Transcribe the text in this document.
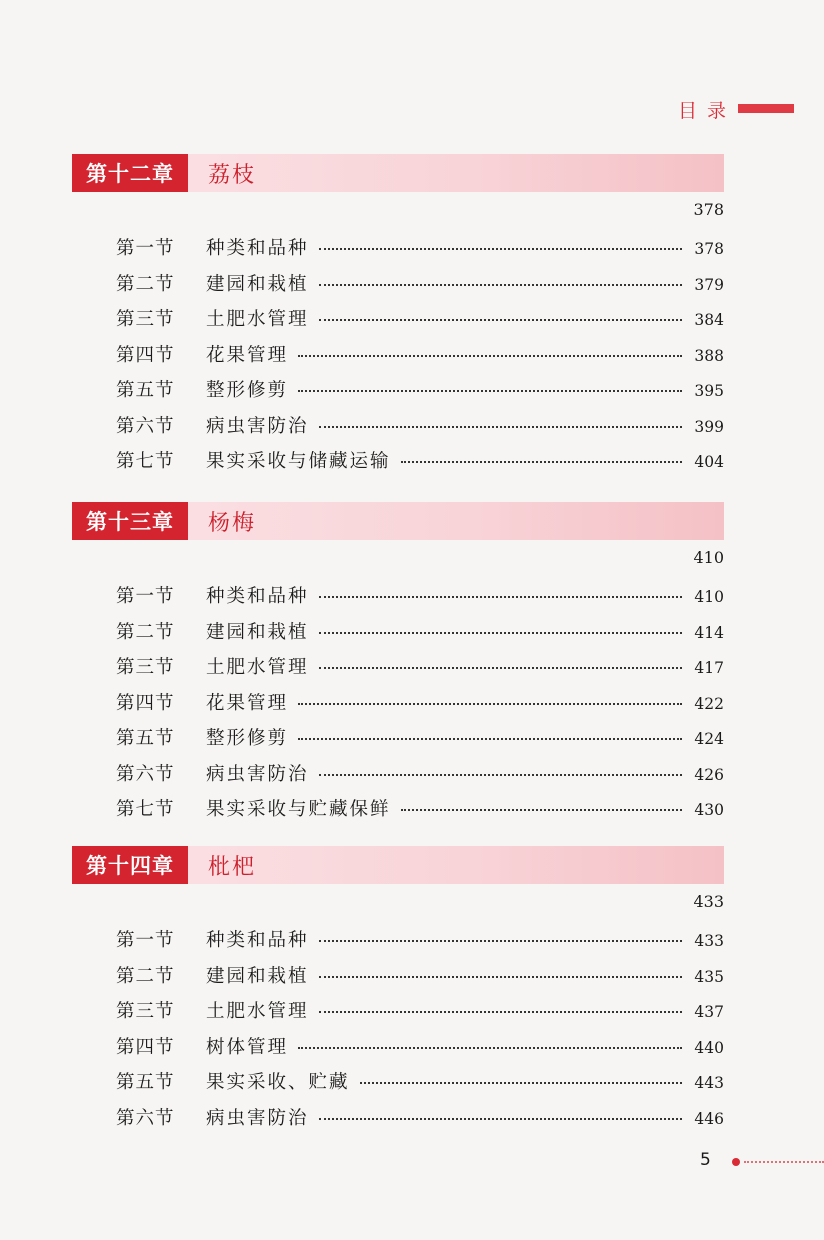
目录
第十二章	荔枝
378
第一节	种类和品种	378
第二节	建园和栽植	379
第三节	土肥水管理	384
第四节	花果管理	388
第五节	整形修剪	395
第六节	病虫害防治	399
第七节	果实采收与储藏运输	404
第十三章	杨梅
410
第一节	种类和品种	410
第二节	建园和栽植	414
第三节	土肥水管理	417
第四节	花果管理	422
第五节	整形修剪	424
第六节	病虫害防治	426
第七节	果实采收与贮藏保鲜	430
第十四章	枇杷
433
第一节	种类和品种	433
第二节	建园和栽植	435
第三节	土肥水管理	437
第四节	树体管理	440
第五节	果实采收、贮藏	443
第六节	病虫害防治	446
5
